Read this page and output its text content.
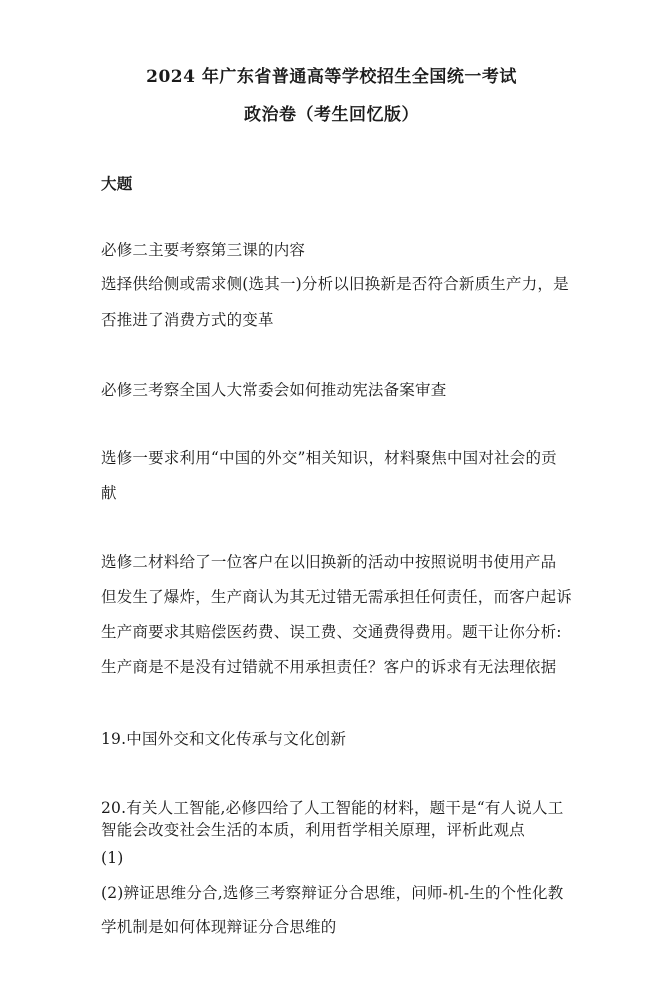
2024 年广东省普通高等学校招生全国统一考试
政治卷（考生回忆版）
大题
必修二主要考察第三课的内容
选择供给侧或需求侧(选其一)分析以旧换新是否符合新质生产力，是
否推进了消费方式的变革
必修三考察全国人大常委会如何推动宪法备案审查
选修一要求利用“中国的外交”相关知识，材料聚焦中国对社会的贡
献
选修二材料给了一位客户在以旧换新的活动中按照说明书使用产品
但发生了爆炸，生产商认为其无过错无需承担任何责任，而客户起诉
生产商要求其赔偿医药费、误工费、交通费得费用。题干让你分析:
生产商是不是没有过错就不用承担责任？客户的诉求有无法理依据
19.中国外交和文化传承与文化创新
20.有关人工智能,必修四给了人工智能的材料，题干是“有人说人工
智能会改变社会生活的本质，利用哲学相关原理，评析此观点
(1)
(2)辨证思维分合,选修三考察辩证分合思维，问师-机-生的个性化教
学机制是如何体现辩证分合思维的
